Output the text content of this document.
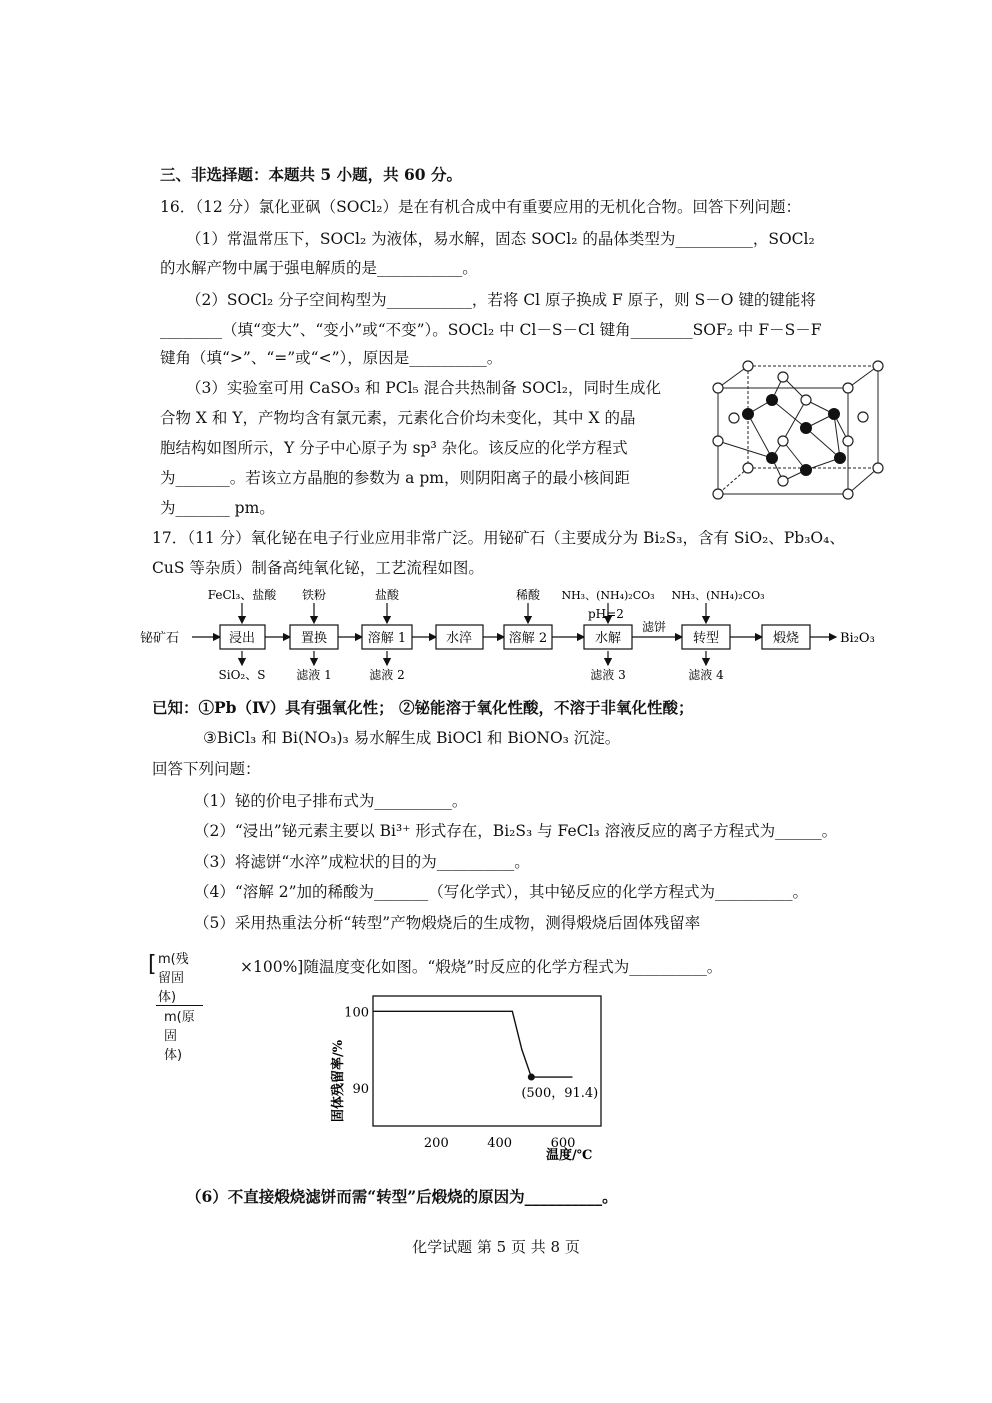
三、非选择题：本题共 5 小题，共 60 分。
16．（12 分）氯化亚砜（SOCl₂）是在有机合成中有重要应用的无机化合物。回答下列问题：
（1）常温常压下，SOCl₂ 为液体，易水解，固态 SOCl₂ 的晶体类型为__________，SOCl₂
的水解产物中属于强电解质的是___________。
（2）SOCl₂ 分子空间构型为___________，若将 Cl 原子换成 F 原子，则 S－O 键的键能将
________（填“变大”、“变小”或“不变”）。SOCl₂ 中 Cl－S－Cl 键角________SOF₂ 中 F－S－F
键角（填“>”、“=”或“<”），原因是__________。
（3）实验室可用 CaSO₃ 和 PCl₅ 混合共热制备 SOCl₂，同时生成化
合物 X 和 Y，产物均含有氯元素，元素化合价均未变化，其中 X 的晶
胞结构如图所示，Y 分子中心原子为 sp³ 杂化。该反应的化学方程式
为_______。若该立方晶胞的参数为 a pm，则阴阳离子的最小核间距
为_______ pm。
17．（11 分）氧化铋在电子行业应用非常广泛。用铋矿石（主要成分为 Bi₂S₃，含有 SiO₂、Pb₃O₄、
CuS 等杂质）制备高纯氧化铋，工艺流程如图。
铋矿石	Bi₂O₃
浸出	置换	溶解 1	水淬	溶解 2	水解	转型	煅烧
FeCl₃、盐酸 铁粉	盐酸	稀酸 NH₃、(NH₄)₂CO₃ NH₃、(NH₄)₂CO₃
pH=2
滤饼
SiO₂、S	滤液 1	滤液 2	滤液 3	滤液 4
已知：①Pb（Ⅳ）具有强氧化性； ②铋能溶于氧化性酸，不溶于非氧化性酸；
③BiCl₃ 和 Bi(NO₃)₃ 易水解生成 BiOCl 和 BiONO₃ 沉淀。
回答下列问题：
（1）铋的价电子排布式为__________。
（2）“浸出”铋元素主要以 Bi³⁺ 形式存在，Bi₂S₃ 与 FeCl₃ 溶液反应的离子方程式为______。
（3）将滤饼“水淬”成粒状的目的为__________。
（4）“溶解 2”加的稀酸为_______（写化学式），其中铋反应的化学方程式为__________。
（5）采用热重法分析“转型”产物煅烧后的生成物，测得煅烧后固体残留率
[ m(残留固体)
m(原固体)
×100%]随温度变化如图。“煅烧”时反应的化学方程式为__________。
100
90
200	400	600
温度/℃
固体残留率/%	(500，91.4)
（6）不直接煅烧滤饼而需“转型”后煅烧的原因为__________。
化学试题 第 5 页 共 8 页
